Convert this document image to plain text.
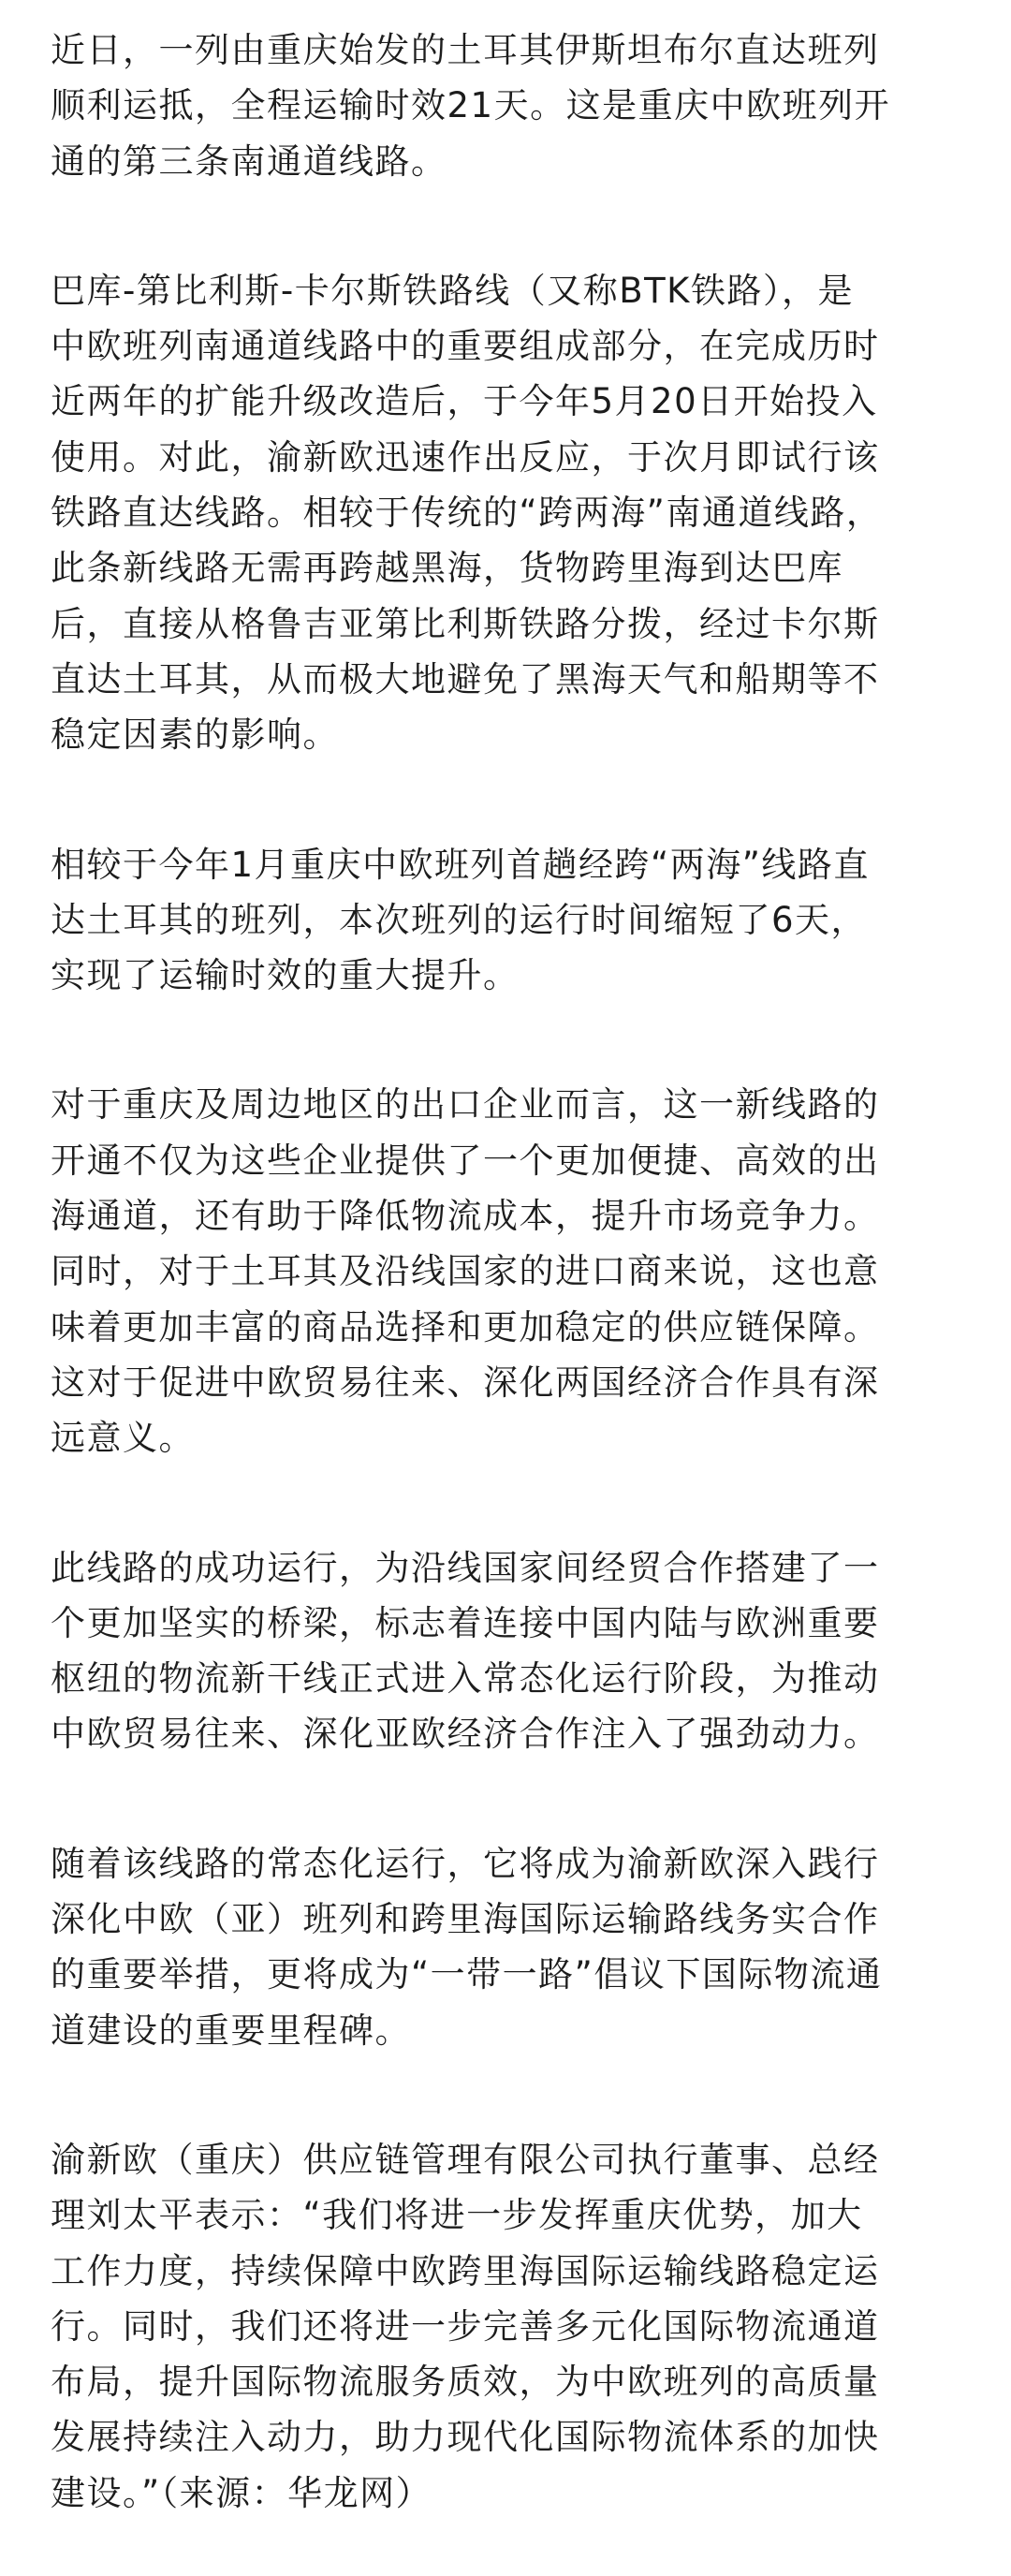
近日，一列由重庆始发的土耳其伊斯坦布尔直达班列
顺利运抵，全程运输时效21天。这是重庆中欧班列开
通的第三条南通道线路。

巴库-第比利斯-卡尔斯铁路线（又称BTK铁路），是
中欧班列南通道线路中的重要组成部分，在完成历时
近两年的扩能升级改造后，于今年5月20日开始投入
使用。对此，渝新欧迅速作出反应，于次月即试行该
铁路直达线路。相较于传统的“跨两海”南通道线路，
此条新线路无需再跨越黑海，货物跨里海到达巴库
后，直接从格鲁吉亚第比利斯铁路分拨，经过卡尔斯
直达土耳其，从而极大地避免了黑海天气和船期等不
稳定因素的影响。

相较于今年1月重庆中欧班列首趟经跨“两海”线路直
达土耳其的班列，本次班列的运行时间缩短了6天，
实现了运输时效的重大提升。

对于重庆及周边地区的出口企业而言，这一新线路的
开通不仅为这些企业提供了一个更加便捷、高效的出
海通道，还有助于降低物流成本，提升市场竞争力。
同时，对于土耳其及沿线国家的进口商来说，这也意
味着更加丰富的商品选择和更加稳定的供应链保障。
这对于促进中欧贸易往来、深化两国经济合作具有深
远意义。

此线路的成功运行，为沿线国家间经贸合作搭建了一
个更加坚实的桥梁，标志着连接中国内陆与欧洲重要
枢纽的物流新干线正式进入常态化运行阶段，为推动
中欧贸易往来、深化亚欧经济合作注入了强劲动力。

随着该线路的常态化运行，它将成为渝新欧深入践行
深化中欧（亚）班列和跨里海国际运输路线务实合作
的重要举措，更将成为“一带一路”倡议下国际物流通
道建设的重要里程碑。

渝新欧（重庆）供应链管理有限公司执行董事、总经
理刘太平表示：“我们将进一步发挥重庆优势，加大
工作力度，持续保障中欧跨里海国际运输线路稳定运
行。同时，我们还将进一步完善多元化国际物流通道
布局，提升国际物流服务质效，为中欧班列的高质量
发展持续注入动力，助力现代化国际物流体系的加快
建设。”（来源：华龙网）
